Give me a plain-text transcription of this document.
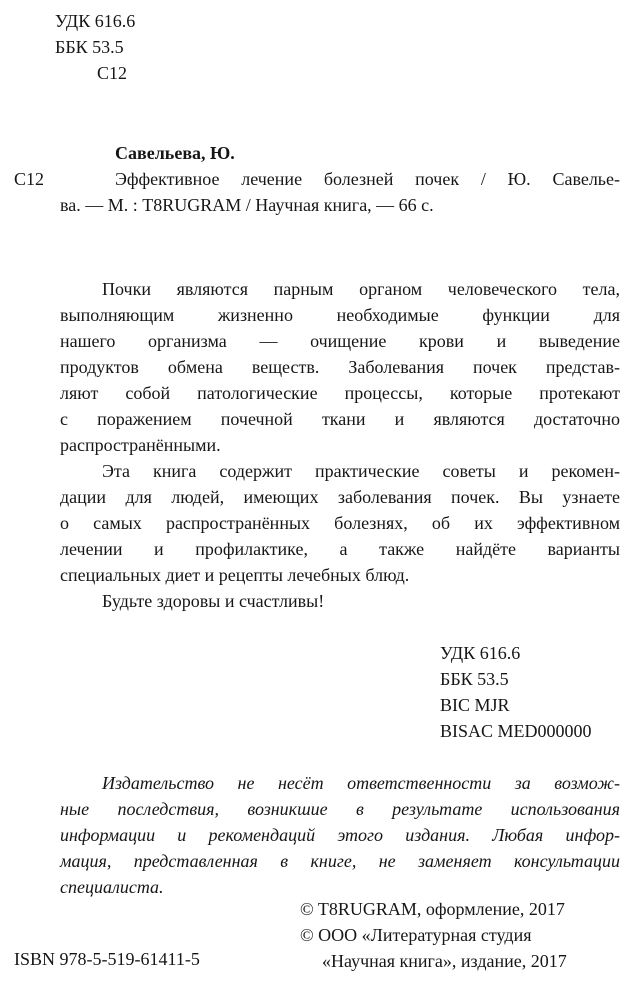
УДК 616.6
ББК 53.5
С12
Савельева, Ю.
С12	Эффективное лечение болезней почек / Ю. Савелье-
ва. — М. : T8RUGRAM / Научная книга, — 66 с.
Почки являются парным органом человеческого тела,
выполняющим жизненно необходимые функции для
нашего организма — очищение крови и выведение
продуктов обмена веществ. Заболевания почек представ-
ляют собой патологические процессы, которые протекают
с поражением почечной ткани и являются достаточно
распространёнными.
Эта книга содержит практические советы и рекомен-
дации для людей, имеющих заболевания почек. Вы узнаете
о самых распространённых болезнях, об их эффективном
лечении и профилактике, а также найдёте варианты
специальных диет и рецепты лечебных блюд.
Будьте здоровы и счастливы!
УДК 616.6
ББК 53.5
BIC MJR
BISAC MED000000
Издательство не несёт ответственности за возмож-
ные последствия, возникшие в результате использования
информации и рекомендаций этого издания. Любая инфор-
мация, представленная в книге, не заменяет консультации
специалиста.
ISBN 978-5-519-61411-5
© T8RUGRAM, оформление, 2017
© ООО «Литературная студия
«Научная книга», издание, 2017
